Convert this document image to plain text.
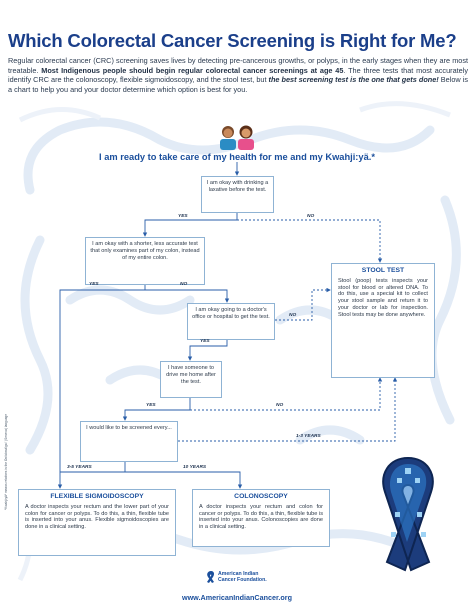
Which Colorectal Cancer Screening is Right for Me?

Regular colorectal cancer (CRC) screening saves lives by detecting pre-cancerous growths, or polyps, in the early stages when they are most treatable. Most Indigenous people should begin regular colorectal cancer screenings at age 45. The three tests that most accurately identify CRC are the colonoscopy, flexible sigmoidoscopy, and the stool test, but the best screening test is the one that gets done! Below is a chart to help you and your doctor determine which option is best for you.

I am ready to take care of my health for me and my Kwahji:yä.*

I am okay with drinking a laxative before the test.
I am okay with a shorter, less accurate test that only examines part of my colon, instead of my entire colon.
I am okay going to a doctor's office or hospital to get the test.
I have someone to drive me home after the test.
I would like to be screened every...
STOOL TEST
Stool (poop) tests inspects your stool for blood or altered DNA. To do this, use a special kit to collect your stool sample and return it to your doctor or lab for inspection. Stool tests may be done anywhere.
FLEXIBLE SIGMOIDOSCOPY
A doctor inspects your rectum and the lower part of your colon for cancer or polyps. To do this, a thin, flexible tube is inserted into your anus. Flexible sigmoidoscopies are done in a clinical setting.
COLONOSCOPY
A doctor inspects your rectum and colon for cancer or polyps. To do this, a thin, flexible tube is inserted into your anus. Colonoscopies are done in a clinical setting.
YES	NO
YES	NO
NO
YES
YES	NO
1-3 YEARS
3-5 YEARS	10 YEARS
American Indian
Cancer Foundation.
www.AmericanIndianCancer.org
*Kwahji:yä* means relatives in the Onödowá'ga:' (Seneca) language
